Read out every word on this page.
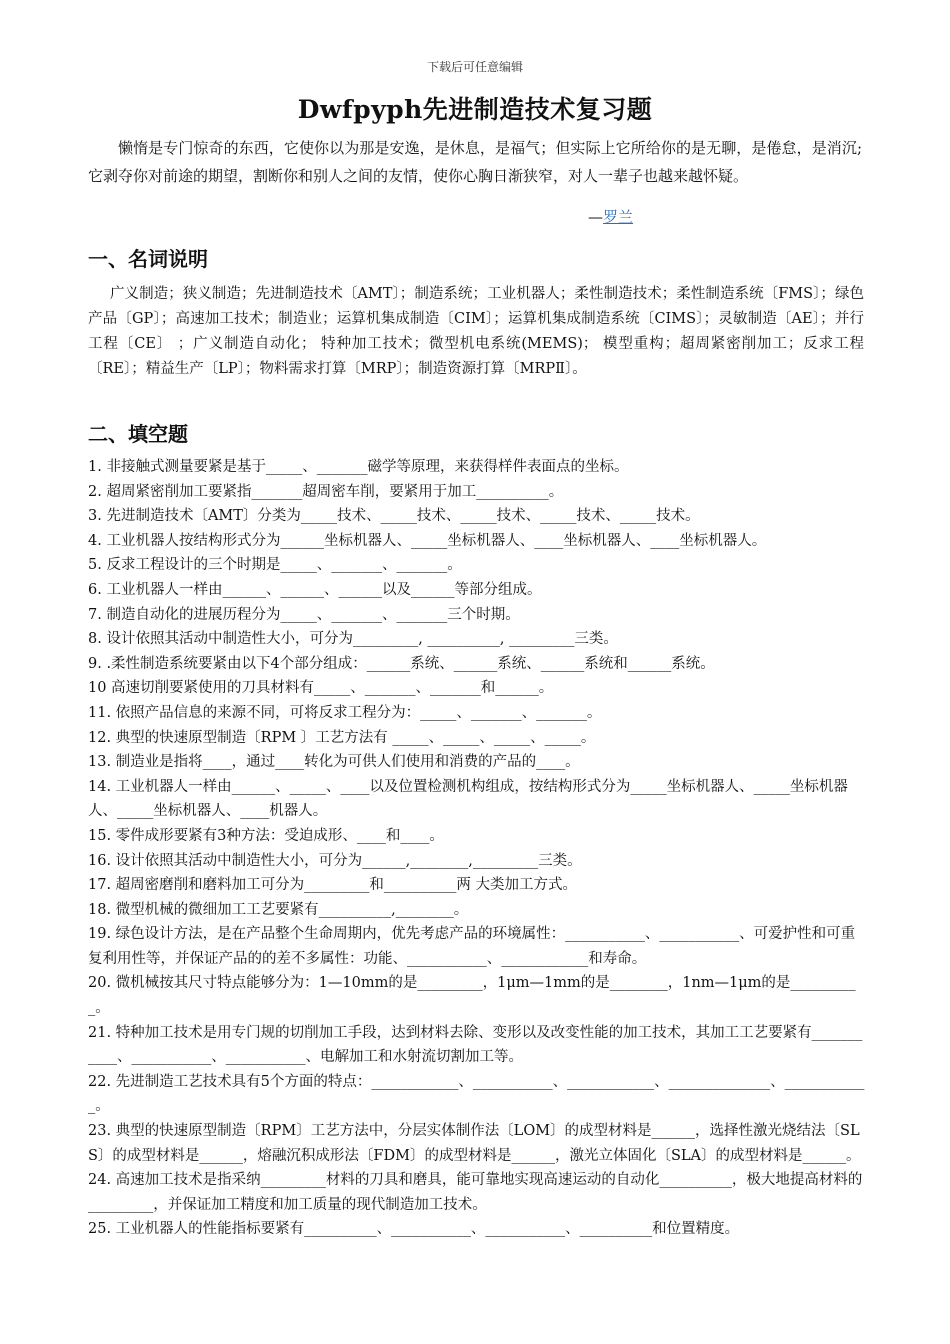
下载后可任意编辑
Dwfpyph先进制造技术复习题
懒惰是专门惊奇的东西，它使你以为那是安逸，是休息，是福气；但实际上它所给你的是无聊，是倦怠，是消沉;它剥夺你对前途的期望，割断你和别人之间的友情，使你心胸日渐狭窄，对人一辈子也越来越怀疑。
—罗兰
一、名词说明
广义制造；狭义制造；先进制造技术〔AMT〕；制造系统；工业机器人；柔性制造技术；柔性制造系统〔FMS〕；绿色产品〔GP〕；高速加工技术；制造业；运算机集成制造〔CIM〕；运算机集成制造系统〔CIMS〕；灵敏制造〔AE〕；并行工程〔CE〕 ；广义制造自动化； 特种加工技术；微型机电系统(MEMS)； 模型重构；超周紧密削加工；反求工程〔RE〕；精益生产〔LP〕；物料需求打算〔MRP〕；制造资源打算〔MRPⅡ〕。
二、填空题

1. 非接触式测量要紧是基于_____、_______磁学等原理，来获得样件表面点的坐标。

2. 超周紧密削加工要紧指_______超周密车削，要紧用于加工__________。

3. 先进制造技术〔AMT〕分类为_____技术、_____技术、_____技术、_____技术、_____技术。

4. 工业机器人按结构形式分为______坐标机器人、_____坐标机器人、____坐标机器人、____坐标机器人。

5. 反求工程设计的三个时期是_____、_______、_______。

6. 工业机器人一样由______、______、______以及______等部分组成。

7. 制造自动化的进展历程分为_____、_______、_______三个时期。

8. 设计依照其活动中制造性大小，可分为_________, __________, _________三类。

9. .柔性制造系统要紧由以下4个部分组成：______系统、______系统、______系统和______系统。

10 高速切削要紧使用的刀具材料有_____、_______、_______和______。

11. 依照产品信息的来源不同，可将反求工程分为：_____、_______、_______。

12. 典型的快速原型制造〔RPM 〕工艺方法有 _____、_____、_____、_____。

13. 制造业是指将____，通过____转化为可供人们使用和消费的产品的____。

14. 工业机器人一样由______、_____、____以及位置检测机构组成，按结构形式分为_____坐标机器人、_____坐标机器人、_____坐标机器人、____机器人。

15. 零件成形要紧有3种方法：受迫成形、____和____。

16. 设计依照其活动中制造性大小，可分为______,________,_________三类。

17. 超周密磨削和磨料加工可分为_________和__________两 大类加工方式。

18. 微型机械的微细加工工艺要紧有__________,________。

19. 绿色设计方法，是在产品整个生命周期内，优先考虑产品的环境属性：___________、___________、可爱护性和可重复利用性等，并保证产品的的差不多属性：功能、___________、____________和寿命。

20. 微机械按其尺寸特点能够分为：1—10mm的是_________，1μm—1mm的是________，1nm—1μm的是__________。

21. 特种加工技术是用专门规的切削加工手段，达到材料去除、变形以及改变性能的加工技术，其加工工艺要紧有___________、___________、___________、电解加工和水射流切割加工等。

22. 先进制造工艺技术具有5个方面的特点：____________、___________、____________、______________、____________。

23. 典型的快速原型制造〔RPM〕工艺方法中，分层实体制作法〔LOM〕的成型材料是______，选择性激光烧结法〔SLS〕的成型材料是______，熔融沉积成形法〔FDM〕的成型材料是______，激光立体固化〔SLA〕的成型材料是______。

24. 高速加工技术是指采纳_________材料的刀具和磨具，能可靠地实现高速运动的自动化__________，极大地提高材料的_________，并保证加工精度和加工质量的现代制造加工技术。

25. 工业机器人的性能指标要紧有__________、___________、___________、__________和位置精度。
